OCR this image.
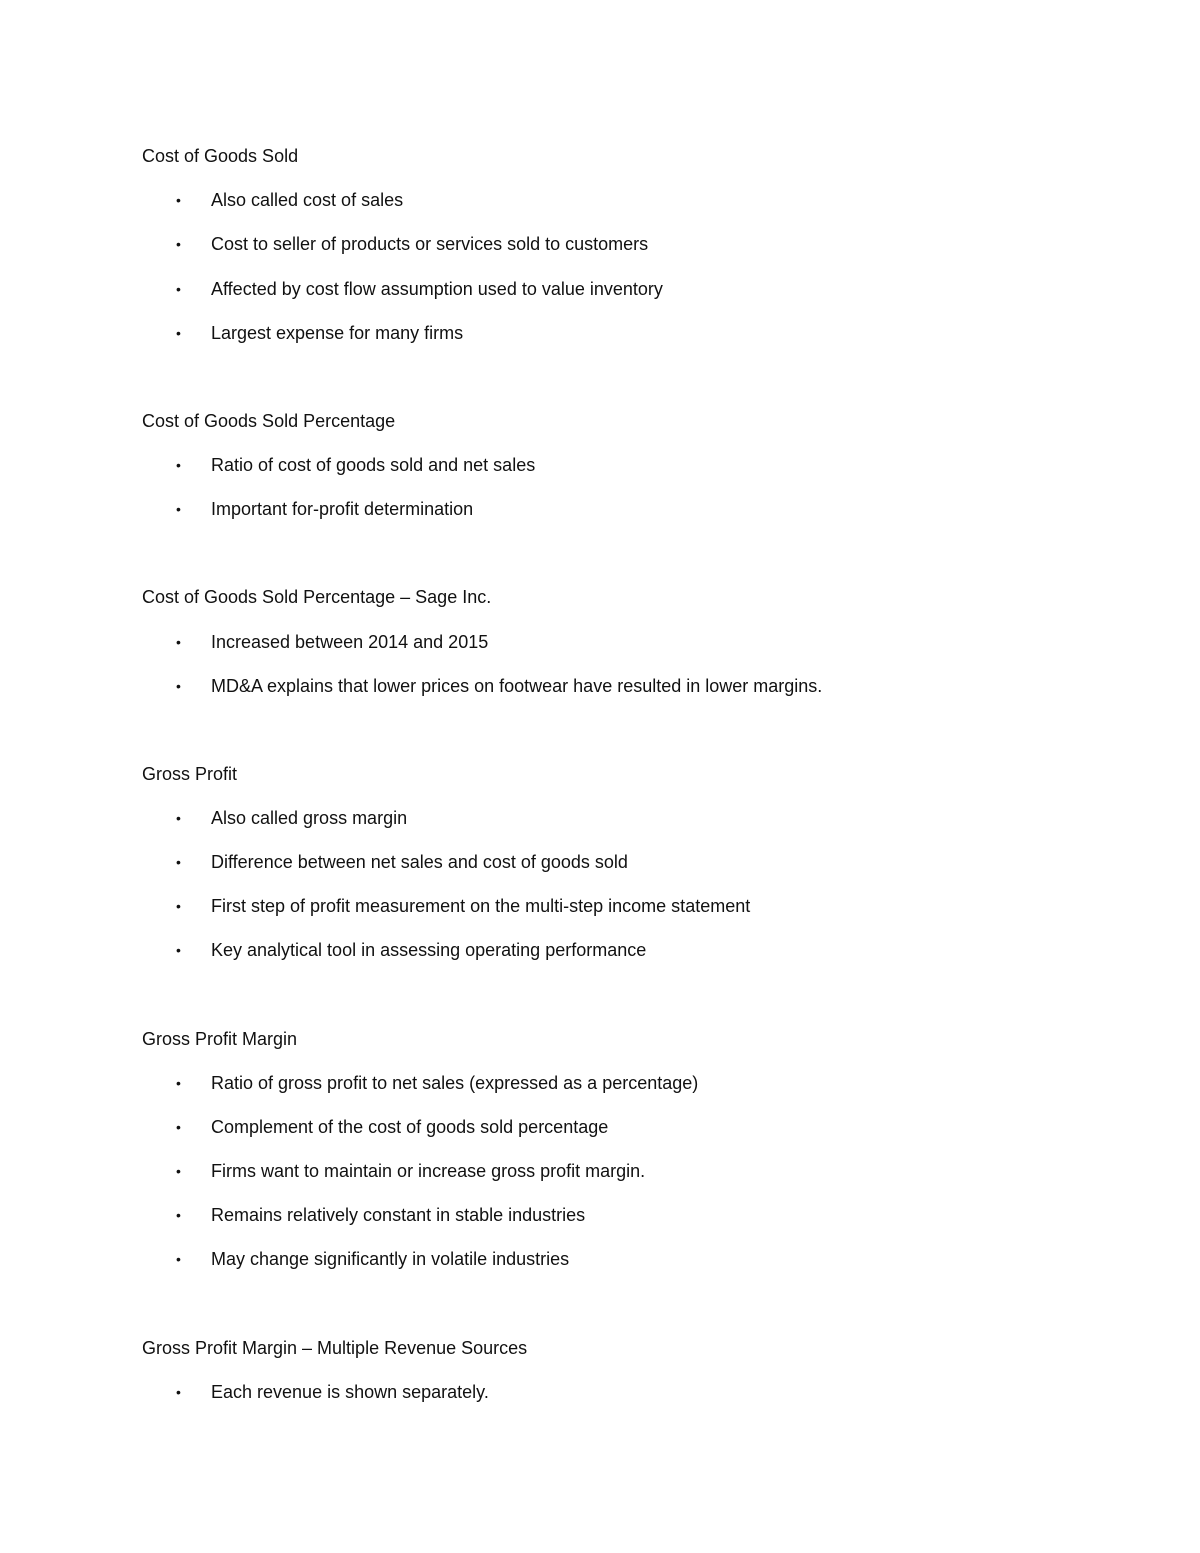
Cost of Goods Sold
•	Also called cost of sales
•	Cost to seller of products or services sold to customers
•	Affected by cost flow assumption used to value inventory
•	Largest expense for many firms
Cost of Goods Sold Percentage
•	Ratio of cost of goods sold and net sales
•	Important for-profit determination
Cost of Goods Sold Percentage – Sage Inc.
•	Increased between 2014 and 2015
•	MD&A explains that lower prices on footwear have resulted in lower margins.
Gross Profit
•	Also called gross margin
•	Difference between net sales and cost of goods sold
•	First step of profit measurement on the multi-step income statement
•	Key analytical tool in assessing operating performance
Gross Profit Margin
•	Ratio of gross profit to net sales (expressed as a percentage)
•	Complement of the cost of goods sold percentage
•	Firms want to maintain or increase gross profit margin.
•	Remains relatively constant in stable industries
•	May change significantly in volatile industries
Gross Profit Margin – Multiple Revenue Sources
•	Each revenue is shown separately.
